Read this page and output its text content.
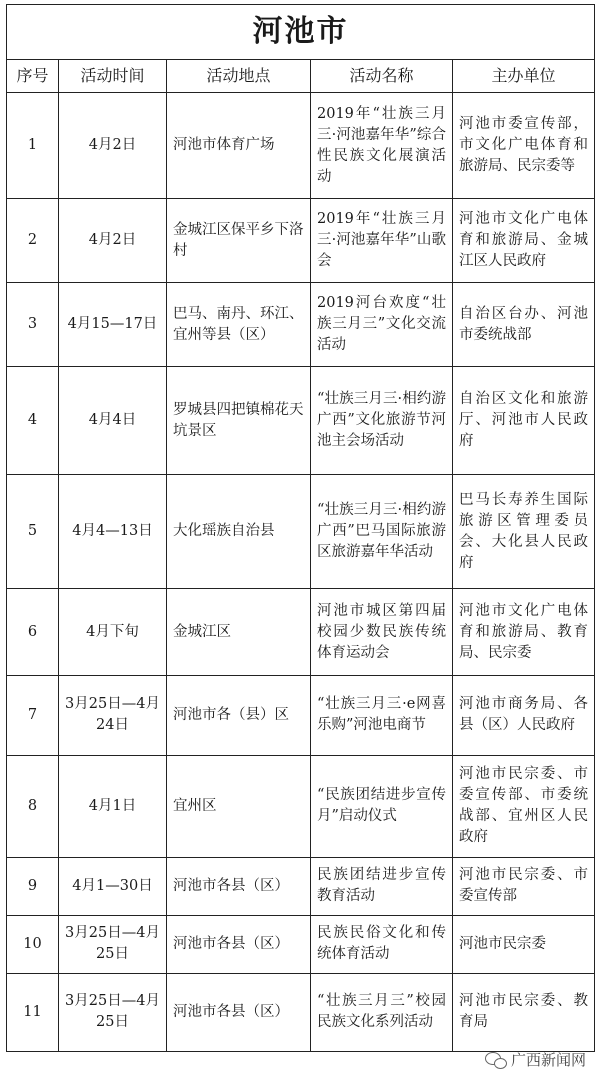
河池市				
序号	活动时间	活动地点	活动名称	主办单位
1	4月2日	河池市体育广场	2019年“壮族三月三·河池嘉年华”综合性民族文化展演活动	河池市委宣传部，市文化广电体育和旅游局、民宗委等
2	4月2日	金城江区保平乡下洛村	2019年“壮族三月三·河池嘉年华”山歌会	河池市文化广电体育和旅游局、金城江区人民政府
3	4月15—17日	巴马、南丹、环江、宜州等县（区）	2019河台欢度“壮族三月三”文化交流活动	自治区台办、河池市委统战部
4	4月4日	罗城县四把镇棉花天坑景区	“壮族三月三·相约游广西”文化旅游节河池主会场活动	自治区文化和旅游厅、河池市人民政府
5	4月4—13日	大化瑶族自治县	“壮族三月三·相约游广西”巴马国际旅游区旅游嘉年华活动	巴马长寿养生国际旅游区管理委员会、大化县人民政府
6	4月下旬	金城江区	河池市城区第四届校园少数民族传统体育运动会	河池市文化广电体育和旅游局、教育局、民宗委
7	3月25日—4月24日	河池市各（县）区	“壮族三月三·e网喜乐购”河池电商节	河池市商务局、各县（区）人民政府
8	4月1日	宜州区	“民族团结进步宣传月”启动仪式	河池市民宗委、市委宣传部、市委统战部、宜州区人民政府
9	4月1—30日	河池市各县（区）	民族团结进步宣传教育活动	河池市民宗委、市委宣传部
10	3月25日—4月25日	河池市各县（区）	民族民俗文化和传统体育活动	河池市民宗委
11	3月25日—4月25日	河池市各县（区）	“壮族三月三”校园民族文化系列活动	河池市民宗委、教育局
广西新闻网
